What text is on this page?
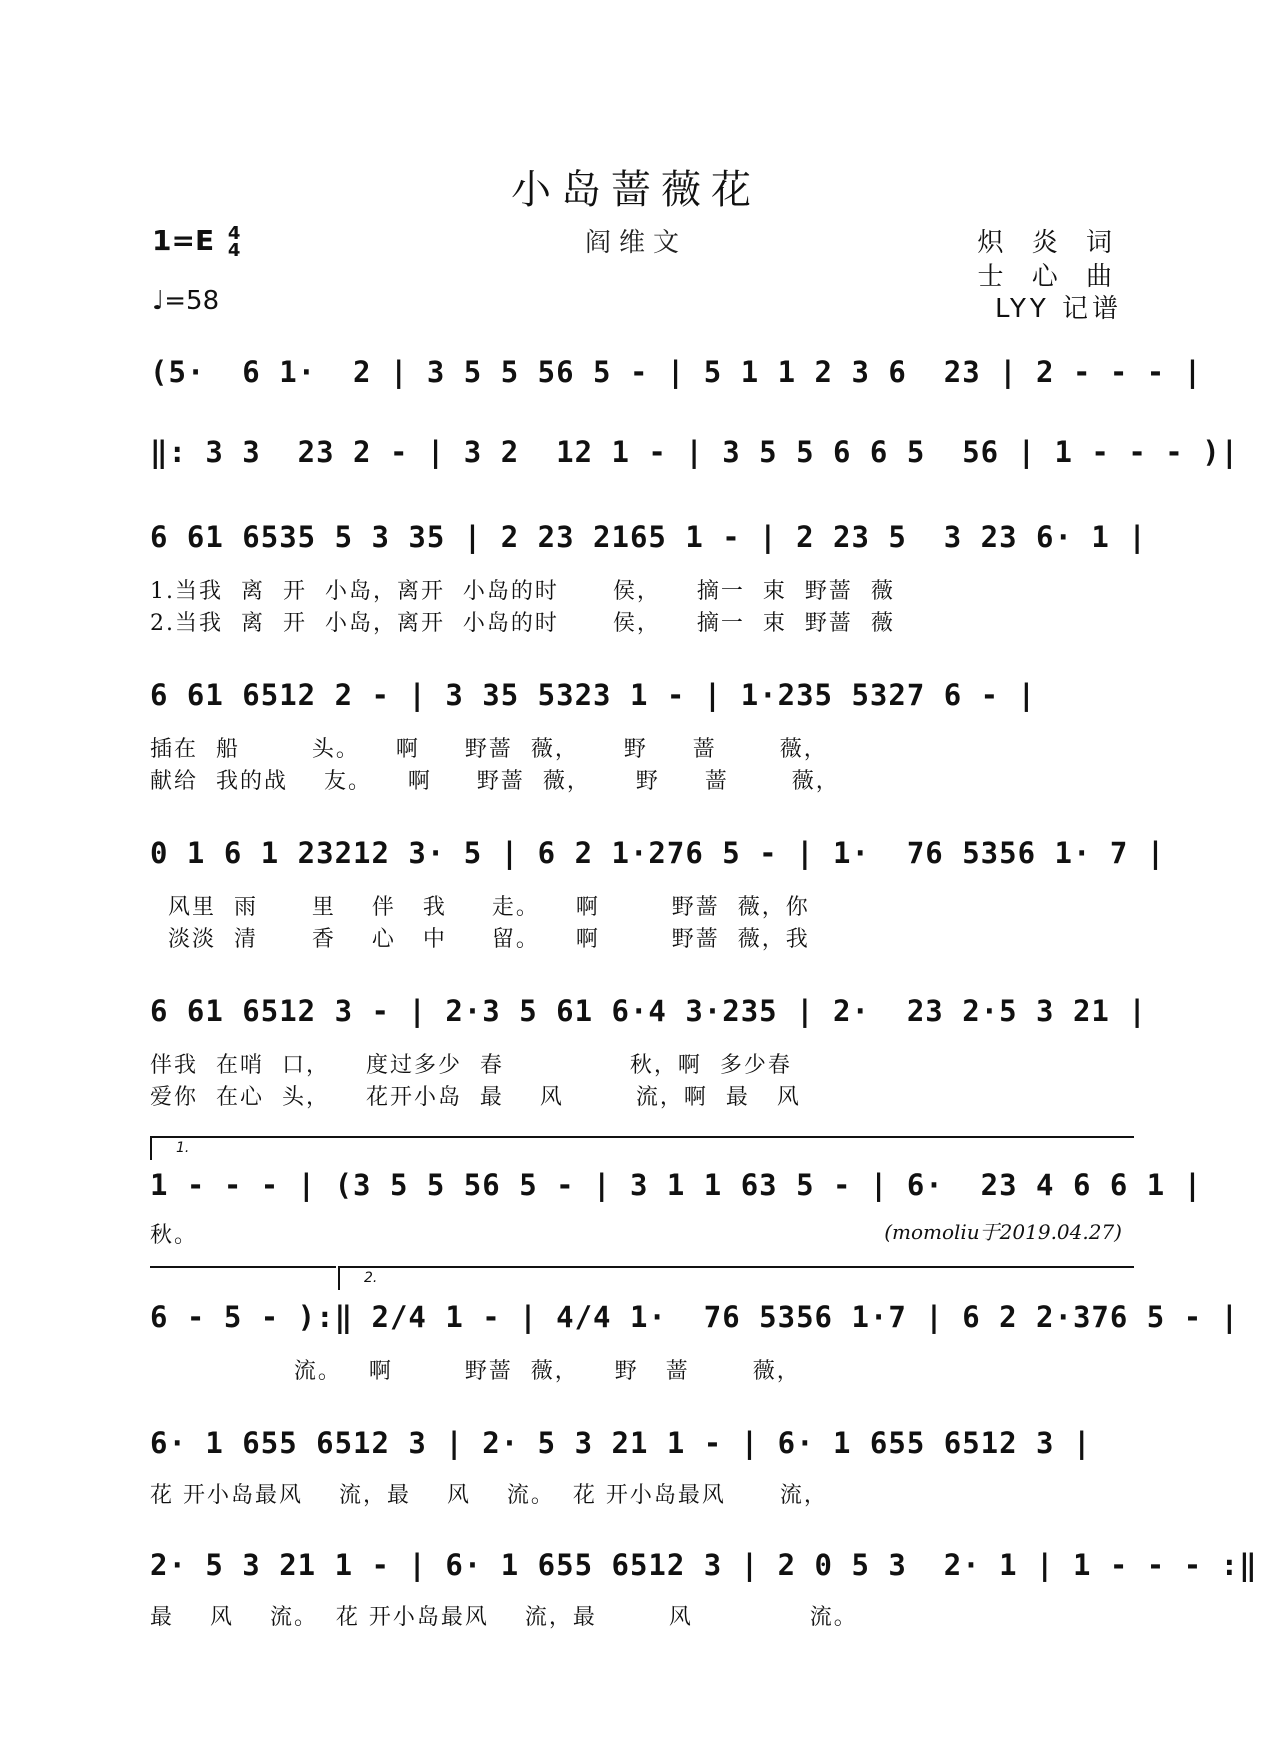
小岛蔷薇花
阎维文
1=E 4
4
♩=58
炽 炎 词
士 心 曲
LYY 记谱
(5·  6 1·  2 | 3 5 5 56 5 - | 5 1 1 2 3 6  23 | 2 - - - |
‖: 3 3  23 2 - | 3 2  12 1 - | 3 5 5 6 6 5  56 | 1 - - - )|
6 61 6535 5 3 35 | 2 23 2165 1 - | 2 23 5  3 23 6· 1 |
1.当我  离  开  小岛，离开  小岛的时      侯，    摘一  束  野蔷  薇
2.当我  离  开  小岛，离开  小岛的时      侯，    摘一  束  野蔷  薇
6 61 6512 2 - | 3 35 5323 1 - | 1·235 5327 6 - |
插在  船        头。    啊     野蔷  薇，     野     蔷       薇，
献给  我的战    友。    啊     野蔷  薇，     野     蔷       薇，
0 1 6 1 23212 3· 5 | 6 2 1·276 5 - | 1·  76 5356 1· 7 |
风里  雨      里    伴   我     走。    啊        野蔷  薇，你
淡淡  清      香    心   中     留。    啊        野蔷  薇，我
6 61 6512 3 - | 2·3 5 61 6·4 3·235 | 2·  23 2·5 3 21 |
伴我  在哨  口，    度过多少  春              秋，啊  多少春
爱你  在心  头，    花开小岛  最    风        流，啊  最   风
1.
1 - - - | (3 5 5 56 5 - | 3 1 1 63 5 - | 6·  23 4 6 6 1 |
秋。	(momoliu于2019.04.27)
2.
6 - 5 - ):‖ 2/4 1 - | 4/4 1·  76 5356 1·7 | 6 2 2·376 5 - |
流。   啊        野蔷  薇，    野   蔷       薇，
6· 1 655 6512 3 | 2· 5 3 21 1 - | 6· 1 655 6512 3 |
花 开小岛最风    流，最    风    流。  花 开小岛最风      流，
2· 5 3 21 1 - | 6· 1 655 6512 3 | 2 0 5 3  2· 1 | 1 - - - :‖
最    风    流。  花 开小岛最风    流，最        风             流。
